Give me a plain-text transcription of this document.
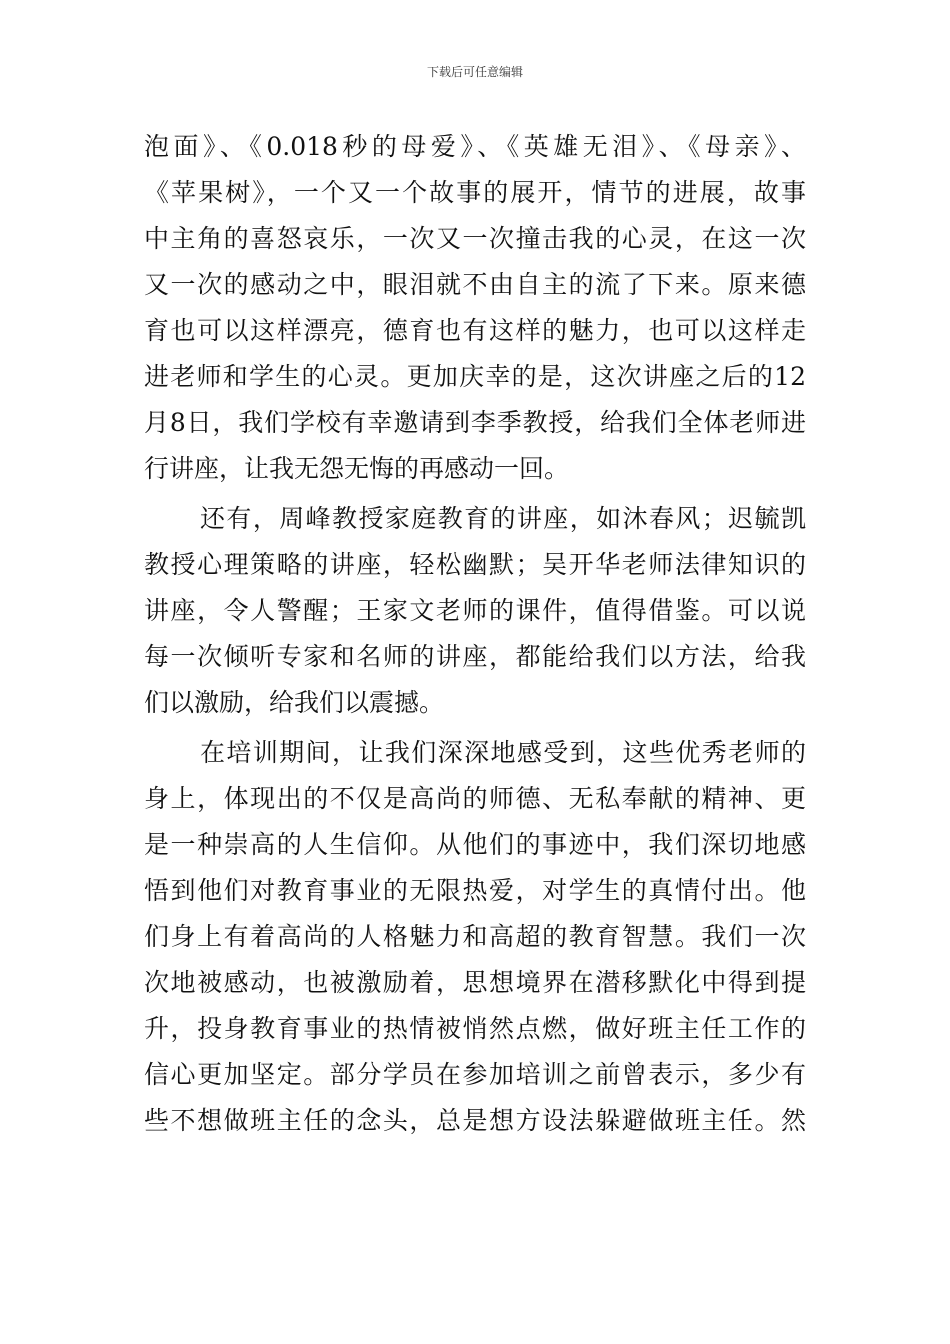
下载后可任意编辑

泡面》、《0.018秒的母爱》、《英雄无泪》、《母亲》、
《苹果树》，一个又一个故事的展开，情节的进展，故事
中主角的喜怒哀乐，一次又一次撞击我的心灵，在这一次
又一次的感动之中，眼泪就不由自主的流了下来。原来德
育也可以这样漂亮，德育也有这样的魅力，也可以这样走
进老师和学生的心灵。更加庆幸的是，这次讲座之后的12
月8日，我们学校有幸邀请到李季教授，给我们全体老师进
行讲座，让我无怨无悔的再感动一回。

还有，周峰教授家庭教育的讲座，如沐春风；迟毓凯
教授心理策略的讲座，轻松幽默；吴开华老师法律知识的
讲座，令人警醒；王家文老师的课件，值得借鉴。可以说
每一次倾听专家和名师的讲座，都能给我们以方法，给我
们以激励，给我们以震撼。

在培训期间，让我们深深地感受到，这些优秀老师的
身上，体现出的不仅是高尚的师德、无私奉献的精神、更
是一种崇高的人生信仰。从他们的事迹中，我们深切地感
悟到他们对教育事业的无限热爱，对学生的真情付出。他
们身上有着高尚的人格魅力和高超的教育智慧。我们一次
次地被感动，也被激励着，思想境界在潜移默化中得到提
升，投身教育事业的热情被悄然点燃，做好班主任工作的
信心更加坚定。部分学员在参加培训之前曾表示，多少有
些不想做班主任的念头，总是想方设法躲避做班主任。然
